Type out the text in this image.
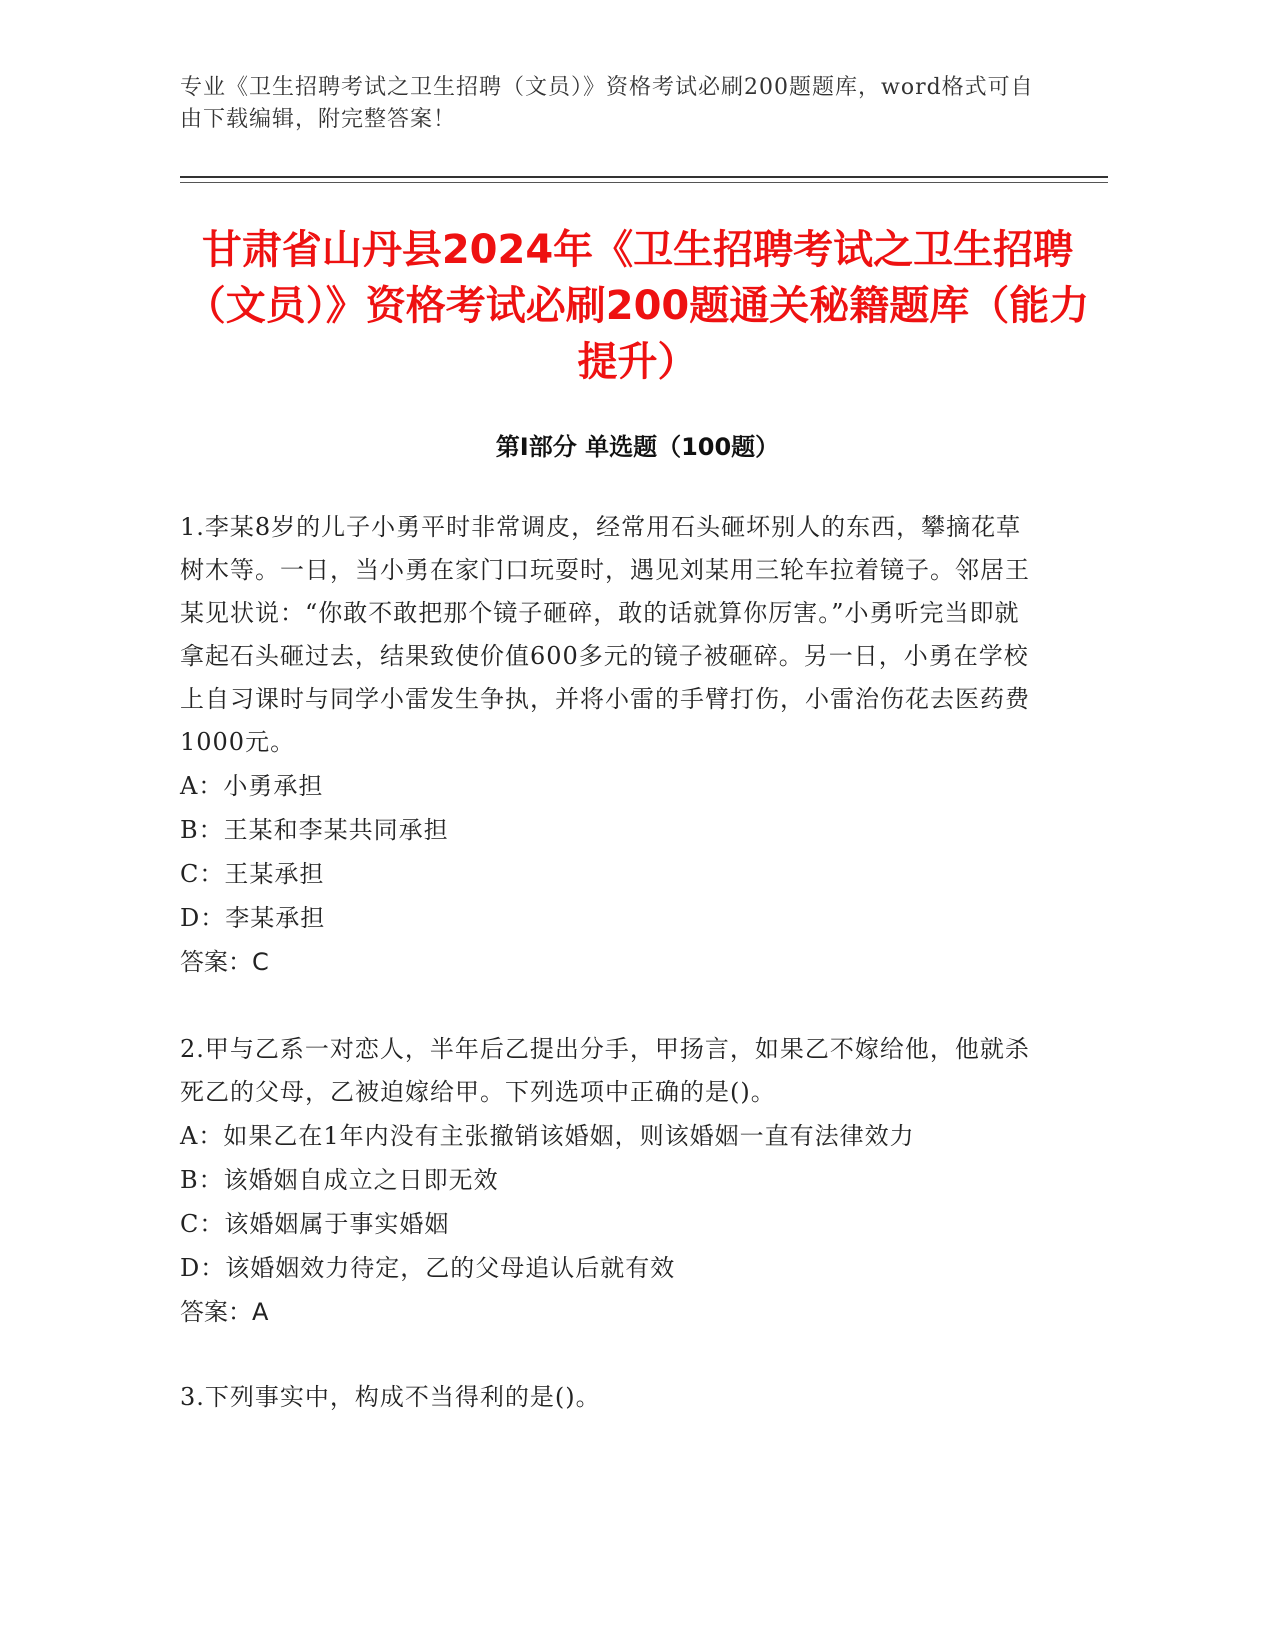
专业《卫生招聘考试之卫生招聘（文员）》资格考试必刷200题题库，word格式可自由下载编辑，附完整答案！
甘肃省山丹县2024年《卫生招聘考试之卫生招聘（文员）》资格考试必刷200题通关秘籍题库（能力提升）
第Ⅰ部分 单选题（100题）

1.李某8岁的儿子小勇平时非常调皮，经常用石头砸坏别人的东西，攀摘花草树木等。一日，当小勇在家门口玩耍时，遇见刘某用三轮车拉着镜子。邻居王某见状说：“你敢不敢把那个镜子砸碎，敢的话就算你厉害。”小勇听完当即就拿起石头砸过去，结果致使价值600多元的镜子被砸碎。另一日，小勇在学校上自习课时与同学小雷发生争执，并将小雷的手臂打伤，小雷治伤花去医药费1000元。

A：小勇承担

B：王某和李某共同承担

C：王某承担

D：李某承担

答案：C

2.甲与乙系一对恋人，半年后乙提出分手，甲扬言，如果乙不嫁给他，他就杀死乙的父母，乙被迫嫁给甲。下列选项中正确的是()。

A：如果乙在1年内没有主张撤销该婚姻，则该婚姻一直有法律效力

B：该婚姻自成立之日即无效

C：该婚姻属于事实婚姻

D：该婚姻效力待定，乙的父母追认后就有效

答案：A

3.下列事实中，构成不当得利的是()。
